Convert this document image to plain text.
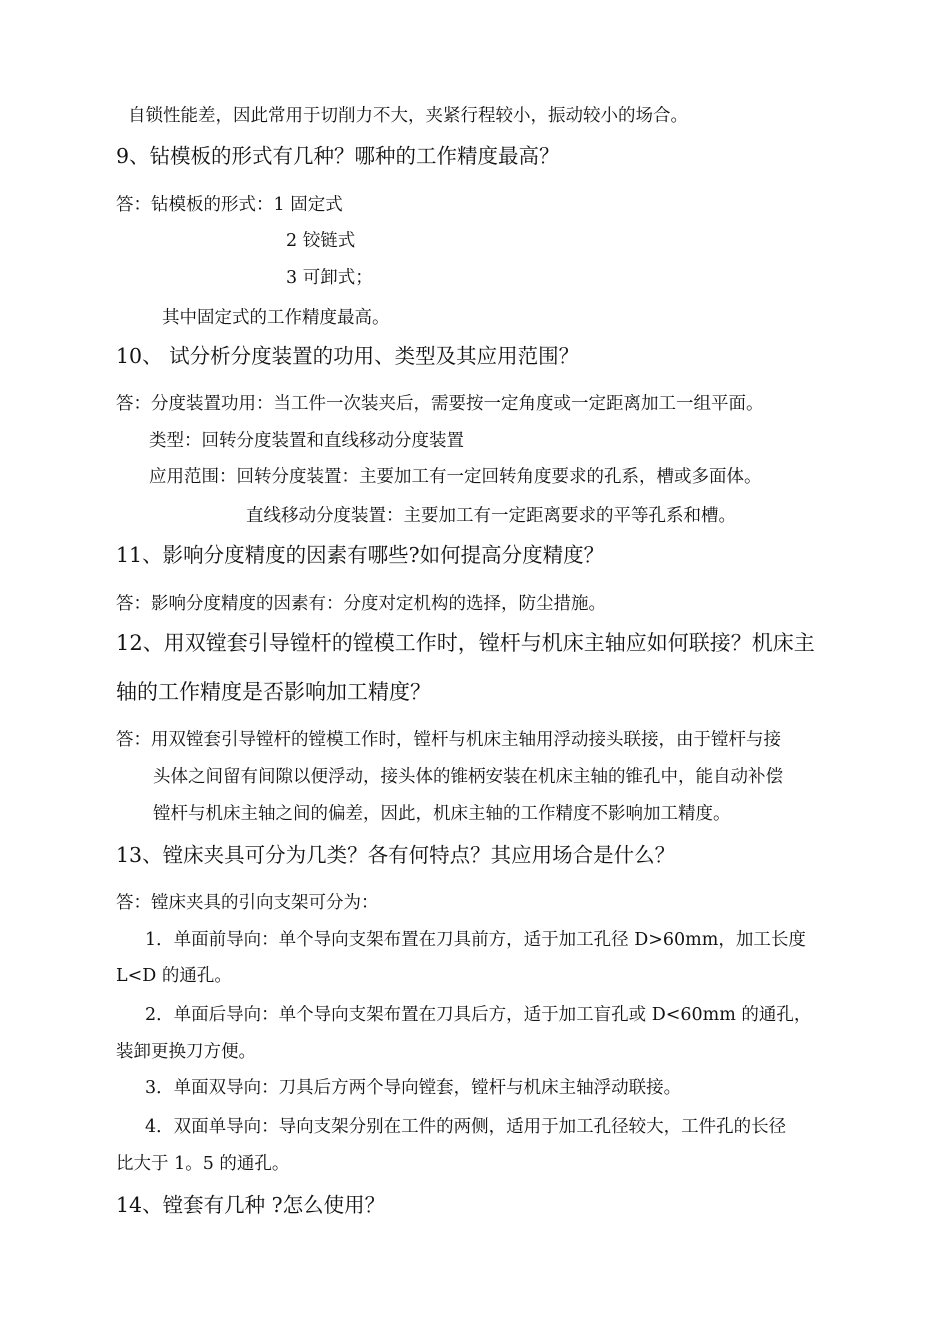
自锁性能差，因此常用于切削力不大，夹紧行程较小，振动较小的场合。
9、钻模板的形式有几种？哪种的工作精度最高？
答：钻模板的形式：1 固定式
2 铰链式
3 可卸式；
其中固定式的工作精度最高。
10、 试分析分度装置的功用、类型及其应用范围？
答：分度装置功用：当工件一次装夹后，需要按一定角度或一定距离加工一组平面。
类型：回转分度装置和直线移动分度装置
应用范围：回转分度装置：主要加工有一定回转角度要求的孔系，槽或多面体。
直线移动分度装置：主要加工有一定距离要求的平等孔系和槽。
11、影响分度精度的因素有哪些?如何提高分度精度？
答：影响分度精度的因素有：分度对定机构的选择，防尘措施。
12、用双镗套引导镗杆的镗模工作时，镗杆与机床主轴应如何联接？机床主
轴的工作精度是否影响加工精度？
答：用双镗套引导镗杆的镗模工作时，镗杆与机床主轴用浮动接头联接，由于镗杆与接
头体之间留有间隙以便浮动，接头体的锥柄安装在机床主轴的锥孔中，能自动补偿
镗杆与机床主轴之间的偏差，因此，机床主轴的工作精度不影响加工精度。
13、镗床夹具可分为几类？各有何特点？其应用场合是什么？
答：镗床夹具的引向支架可分为：
1．单面前导向：单个导向支架布置在刀具前方，适于加工孔径 D>60mm，加工长度
L<D 的通孔。
2．单面后导向：单个导向支架布置在刀具后方，适于加工盲孔或 D<60mm 的通孔，
装卸更换刀方便。
3．单面双导向：刀具后方两个导向镗套，镗杆与机床主轴浮动联接。
4．双面单导向：导向支架分别在工件的两侧，适用于加工孔径较大，工件孔的长径
比大于 1。5 的通孔。
14、镗套有几种 ?怎么使用？
